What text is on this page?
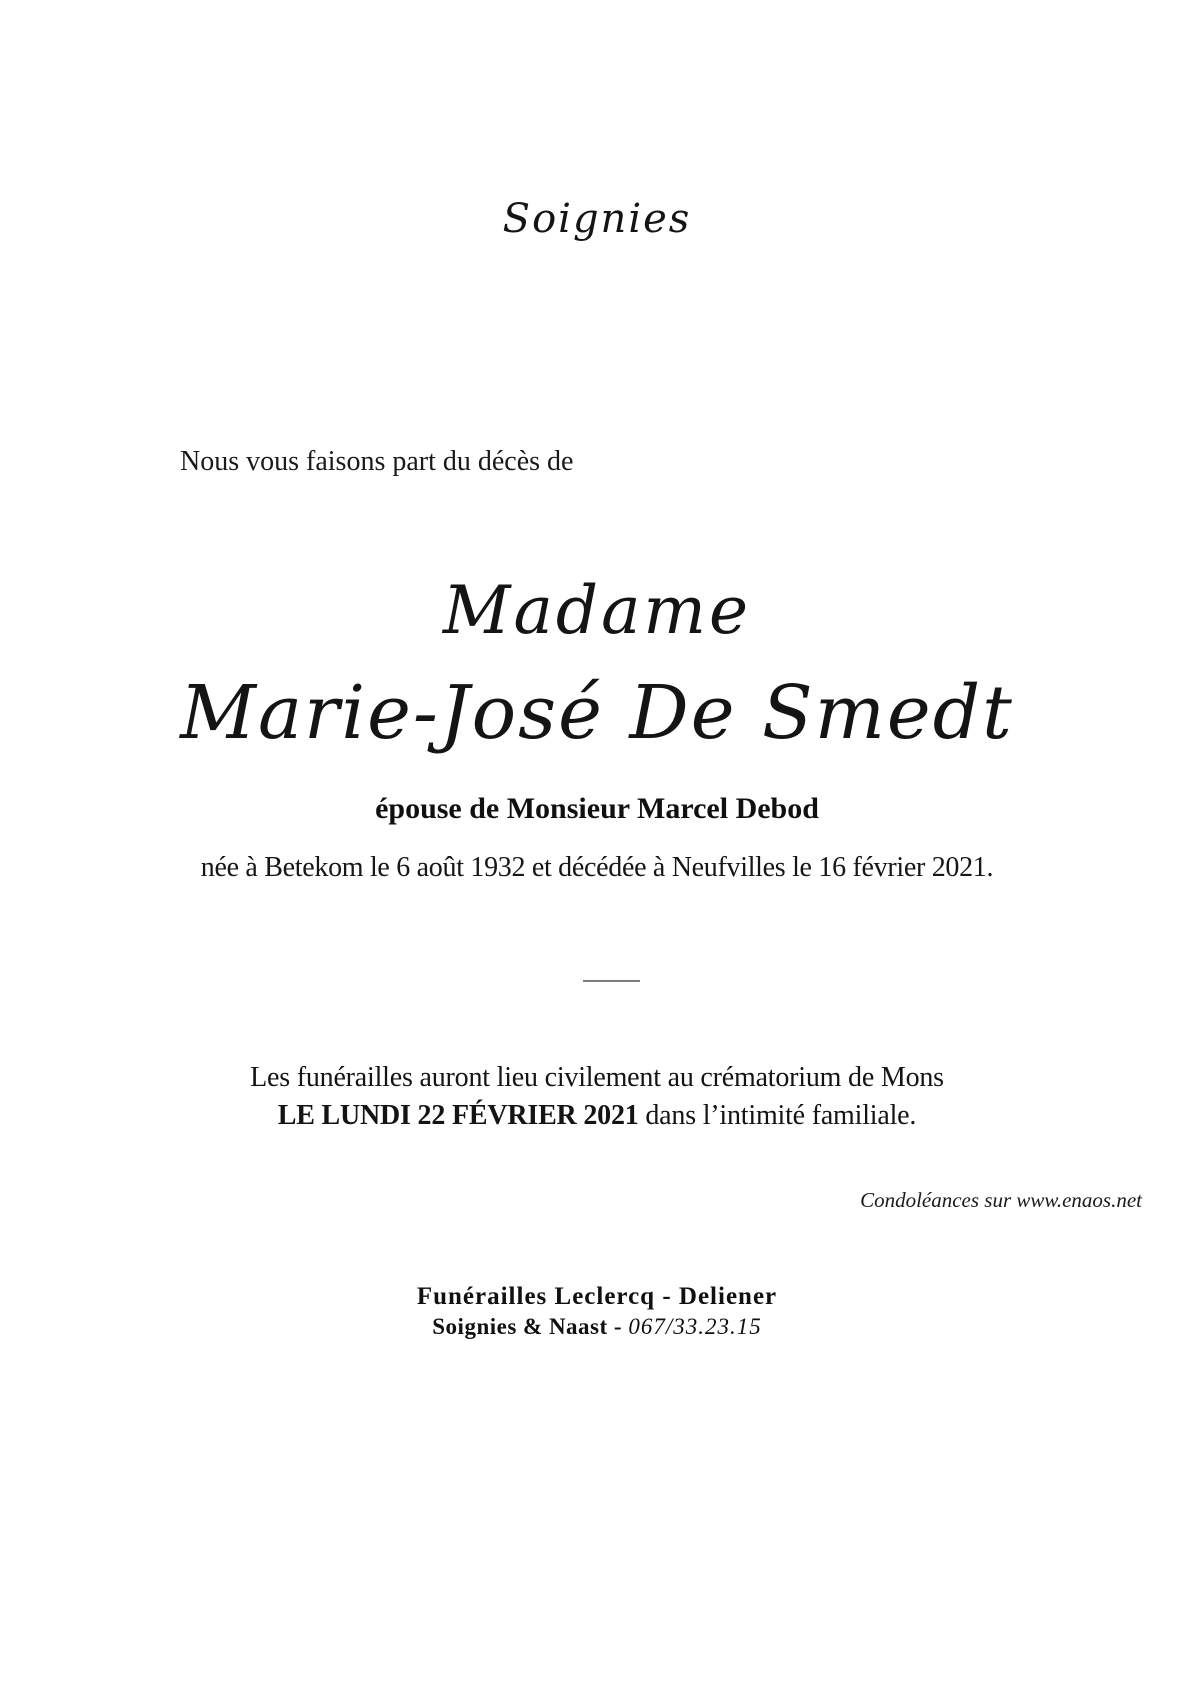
Soignies
Nous vous faisons part du décès de
Madame
Marie-José De Smedt
épouse de Monsieur Marcel Debod
née à Betekom le 6 août 1932 et décédée à Neufvilles le 16 février 2021.
Les funérailles auront lieu civilement au crématorium de Mons
LE LUNDI 22 FÉVRIER 2021 dans l’intimité familiale.
Condoléances sur www.enaos.net
Funérailles Leclercq - Deliener
Soignies & Naast - 067/33.23.15
